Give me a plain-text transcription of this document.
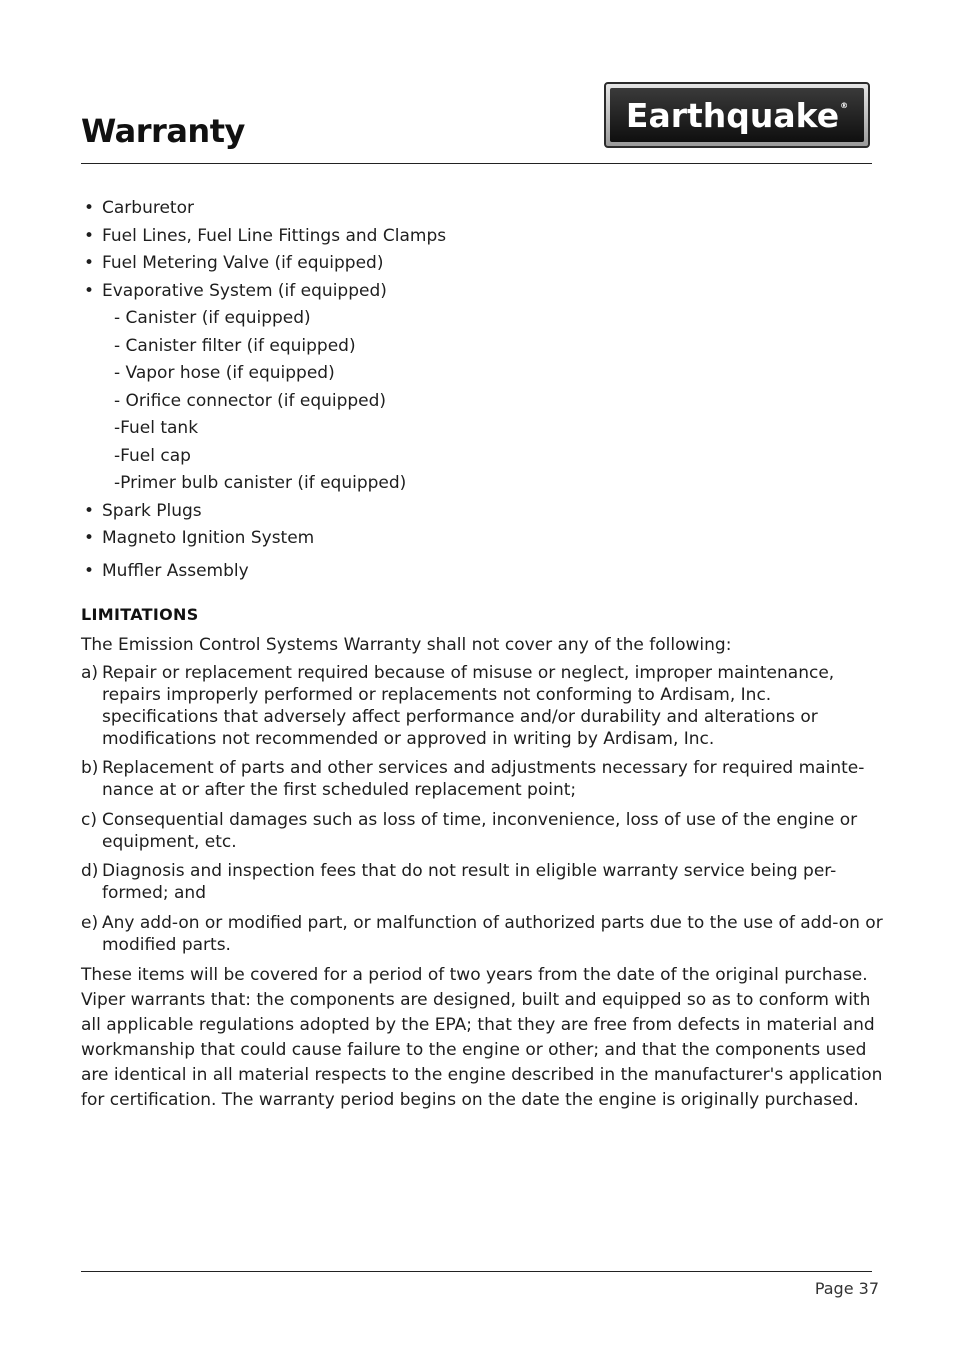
Warranty	Earthquake ®
• Carburetor
• Fuel Lines, Fuel Line Fittings and Clamps
• Fuel Metering Valve (if equipped)
• Evaporative System (if equipped)
- Canister (if equipped)
- Canister filter (if equipped)
- Vapor hose (if equipped)
- Orifice connector (if equipped)
-Fuel tank
-Fuel cap
-Primer bulb canister (if equipped)
• Spark Plugs
• Magneto Ignition System
• Muffler Assembly
LIMITATIONS

The Emission Control Systems Warranty shall not cover any of the following:

a) Repair or replacement required because of misuse or neglect, improper maintenance, repairs improperly performed or replacements not conforming to Ardisam, Inc. specifications that adversely affect performance and/or durability and alterations or modifications not recommended or approved in writing by Ardisam, Inc.
b) Replacement of parts and other services and adjustments necessary for required mainte-nance at or after the first scheduled replacement point;
c) Consequential damages such as loss of time, inconvenience, loss of use of the engine or equipment, etc.
d) Diagnosis and inspection fees that do not result in eligible warranty service being per-formed; and
e) Any add-on or modified part, or malfunction of authorized parts due to the use of add-on or modified parts.

These items will be covered for a period of two years from the date of the original purchase. Viper warrants that: the components are designed, built and equipped so as to conform with all applicable regulations adopted by the EPA; that they are free from defects in material and workmanship that could cause failure to the engine or other; and that the components used are identical in all material respects to the engine described in the manufacturer's application for certification. The warranty period begins on the date the engine is originally purchased.

Page 37
